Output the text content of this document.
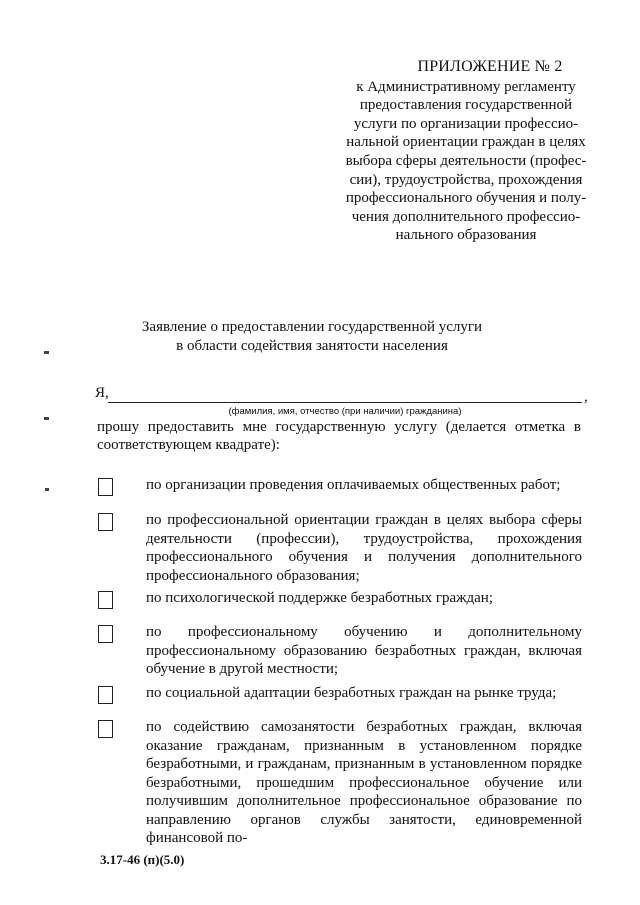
ПРИЛОЖЕНИЕ № 2
к Административному регламенту
предоставления государственной
услуги по организации профессио-
нальной ориентации граждан в целях
выбора сферы деятельности (профес-
сии), трудоустройства, прохождения
профессионального обучения и полу-
чения дополнительного профессио-
нального образования
Заявление о предоставлении государственной услуги
в области содействия занятости населения
Я,	,
(фамилия, имя, отчество (при наличии) гражданина)
прошу предоставить мне государственную услугу (делается отметка в соответствующем квадрате):
по организации проведения оплачиваемых общественных работ;
по профессиональной ориентации граждан в целях выбора сферы деятельности (профессии), трудоустройства, прохождения профессионального обучения и получения дополнительного профессионального образования;
по психологической поддержке безработных граждан;
по профессиональному обучению и дополнительному профессиональному образованию безработных граждан, включая обучение в другой местности;
по социальной адаптации безработных граждан на рынке труда;
по содействию самозанятости безработных граждан, включая оказание гражданам, признанным в установленном порядке безработными, и гражданам, признанным в установленном порядке безработными, прошедшим профессиональное обучение или получившим дополнительное профессиональное образование по направлению органов службы занятости, единовременной финансовой по-
3.17-46 (п)(5.0)
